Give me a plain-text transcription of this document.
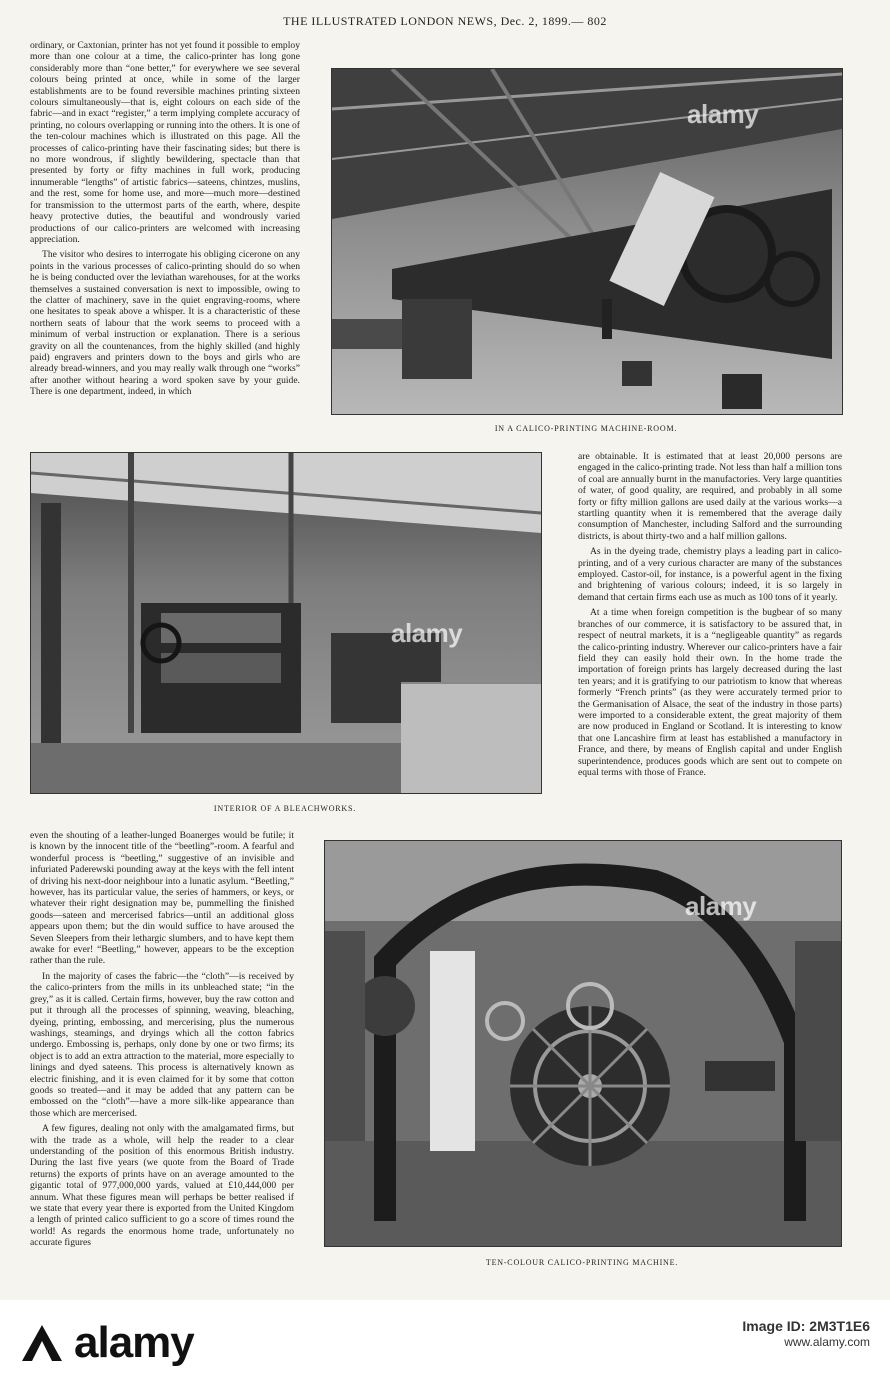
THE ILLUSTRATED LONDON NEWS, Dec. 2, 1899.— 802

ordinary, or Caxtonian, printer has not yet found it possible to employ more than one colour at a time, the calico-printer has long gone considerably more than “one better,” for everywhere we see several colours being printed at once, while in some of the larger establishments are to be found reversible machines printing sixteen colours simultaneously—that is, eight colours on each side of the fabric—and in exact “register,” a term implying complete accuracy of printing, no colours overlapping or running into the others. It is one of the ten-colour machines which is illustrated on this page. All the processes of calico-printing have their fascinating sides; but there is no more wondrous, if slightly bewildering, spectacle than that presented by forty or fifty machines in full work, producing innumerable “lengths” of artistic fabrics—sateens, chintzes, muslins, and the rest, some for home use, and more—much more—destined for transmission to the uttermost parts of the earth, where, despite heavy protective duties, the beautiful and wondrously varied productions of our calico-printers are welcomed with increasing appreciation.

The visitor who desires to interrogate his obliging cicerone on any points in the various processes of calico-printing should do so when he is being conducted over the leviathan warehouses, for at the works themselves a sustained conversation is next to impossible, owing to the clatter of machinery, save in the quiet engraving-rooms, where one hesitates to speak above a whisper. It is a characteristic of these northern seats of labour that the work seems to proceed with a minimum of verbal instruction or explanation. There is a serious gravity on all the countenances, from the highly skilled (and highly paid) engravers and printers down to the boys and girls who are already bread-winners, and you may really walk through one “works” after another without hearing a word spoken save by your guide. There is one department, indeed, in which

alamy
IN A CALICO-PRINTING MACHINE-ROOM.
alamy
INTERIOR OF A BLEACHWORKS.

are obtainable. It is estimated that at least 20,000 persons are engaged in the calico-printing trade. Not less than half a million tons of coal are annually burnt in the manufactories. Very large quantities of water, of good quality, are required, and probably in all some forty or fifty million gallons are used daily at the various works—a startling quantity when it is remembered that the average daily consumption of Manchester, including Salford and the surrounding districts, is about thirty-two and a half million gallons.

As in the dyeing trade, chemistry plays a leading part in calico-printing, and of a very curious character are many of the substances employed. Castor-oil, for instance, is a powerful agent in the fixing and brightening of various colours; indeed, it is so largely in demand that certain firms each use as much as 100 tons of it yearly.

At a time when foreign competition is the bugbear of so many branches of our commerce, it is satisfactory to be assured that, in respect of neutral markets, it is a “negligeable quantity” as regards the calico-printing industry. Wherever our calico-printers have a fair field they can easily hold their own. In the home trade the importation of foreign prints has largely decreased during the last ten years; and it is gratifying to our patriotism to know that whereas formerly “French prints” (as they were accurately termed prior to the Germanisation of Alsace, the seat of the industry in those parts) were imported to a considerable extent, the great majority of them are now produced in England or Scotland. It is interesting to know that one Lancashire firm at least has established a manufactory in France, and there, by means of English capital and under English superintendence, produces goods which are sent out to compete on equal terms with those of France.

even the shouting of a leather-lunged Boanerges would be futile; it is known by the innocent title of the “beetling”-room. A fearful and wonderful process is “beetling,” suggestive of an invisible and infuriated Paderewski pounding away at the keys with the fell intent of driving his next-door neighbour into a lunatic asylum. “Beetling,” however, has its particular value, the series of hammers, or keys, or whatever their right designation may be, pummelling the finished goods—sateen and mercerised fabrics—until an additional gloss appears upon them; but the din would suffice to have aroused the Seven Sleepers from their lethargic slumbers, and to have kept them awake for ever! “Beetling,” however, appears to be the exception rather than the rule.

In the majority of cases the fabric—the “cloth”—is received by the calico-printers from the mills in its unbleached state; “in the grey,” as it is called. Certain firms, however, buy the raw cotton and put it through all the processes of spinning, weaving, bleaching, dyeing, printing, embossing, and mercerising, plus the numerous washings, steamings, and dryings which all the cotton fabrics undergo. Embossing is, perhaps, only done by one or two firms; its object is to add an extra attraction to the material, more especially to linings and dyed sateens. This process is alternatively known as electric finishing, and it is even claimed for it by some that cotton goods so treated—and it may be added that any pattern can be embossed on the “cloth”—have a more silk-like appearance than those which are mercerised.

A few figures, dealing not only with the amalgamated firms, but with the trade as a whole, will help the reader to a clear understanding of the position of this enormous British industry. During the last five years (we quote from the Board of Trade returns) the exports of prints have on an average amounted to the gigantic total of 977,000,000 yards, valued at £10,444,000 per annum. What these figures mean will perhaps be better realised if we state that every year there is exported from the United Kingdom a length of printed calico sufficient to go a score of times round the world! As regards the enormous home trade, unfortunately no accurate figures

alamy
TEN-COLOUR CALICO-PRINTING MACHINE.
alamy	Image ID: 2M3T1E6
www.alamy.com
